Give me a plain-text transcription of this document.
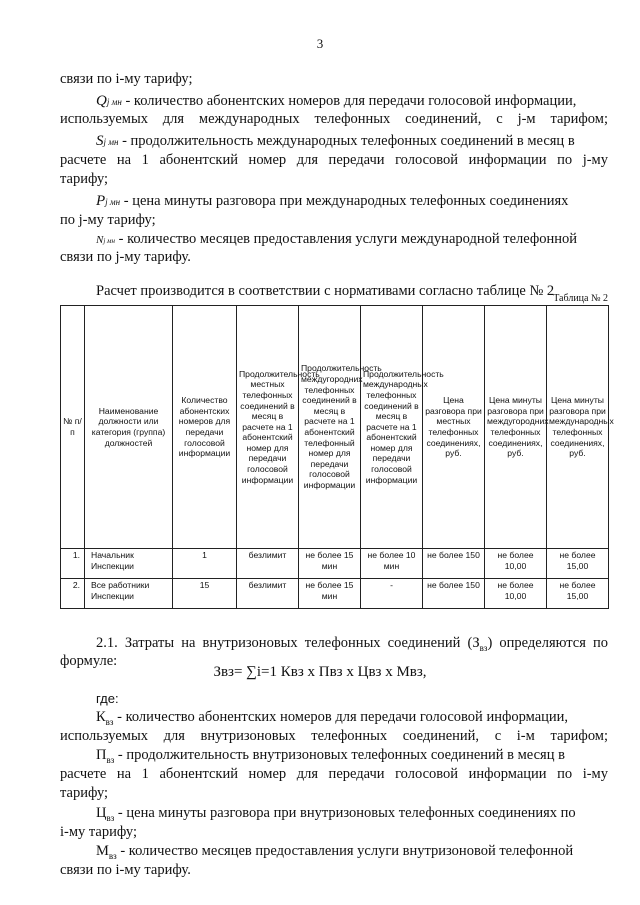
3
связи по i-му тарифу;
Qj мн - количество абонентских номеров для передачи голосовой информации,
используемых для международных телефонных соединений, с j-м тарифом;
Sj мн - продолжительность международных телефонных соединений в месяц в
расчете на 1 абонентский номер для передачи голосовой информации по j-му
тарифу;
Pj мн - цена минуты разговора при международных телефонных соединениях
по j-му тарифу;
Nj мн - количество месяцев предоставления услуги международной телефонной
связи по j-му тарифу.
Расчет производится в соответствии с нормативами согласно таблице № 2 Таблица № 2
№ п/п	Наименование должности или категория (группа) должностей	Количество абонентских номеров для передачи голосовой информации	Продолжительность местных телефонных соединений в месяц в расчете на 1 абонентский номер для передачи голосовой информации	Продолжительность междугородних телефонных соединений в месяц в расчете на 1 абонентский телефонный номер для передачи голосовой информации	Продолжительность международных телефонных соединений в месяц в расчете на 1 абонентский номер для передачи голосовой информации	Цена разговора при местных телефонных соединениях, руб.	Цена минуты разговора при междугородних телефонных соединениях, руб.	Цена минуты разговора при международных телефонных соединениях, руб.
1.	Начальник Инспекции	1	безлимит	не более 15 мин	не более 10 мин	не более 150	не более 10,00	не более 15,00
2.	Все работники Инспекции	15	безлимит	не более 15 мин	-	не более 150	не более 10,00	не более 15,00
2.1. Затраты на внутризоновых телефонных соединений $(З_{вз})$ определяются по
формуле:
Звз= ∑i=1 Квз х Пвз х Цвз х Мвз,
где:
$К_{вз}$ - количество абонентских номеров для передачи голосовой информации,
используемых для внутризоновых телефонных соединений, с i-м тарифом;
$П_{вз}$ - продолжительность внутризоновых телефонных соединений в месяц в
расчете на 1 абонентский номер для передачи голосовой информации по i-му
тарифу;
$Ц_{вз}$ - цена минуты разговора при внутризоновых телефонных соединениях по
i-му тарифу;
$М_{вз}$ - количество месяцев предоставления услуги внутризоновой телефонной
связи по i-му тарифу.
